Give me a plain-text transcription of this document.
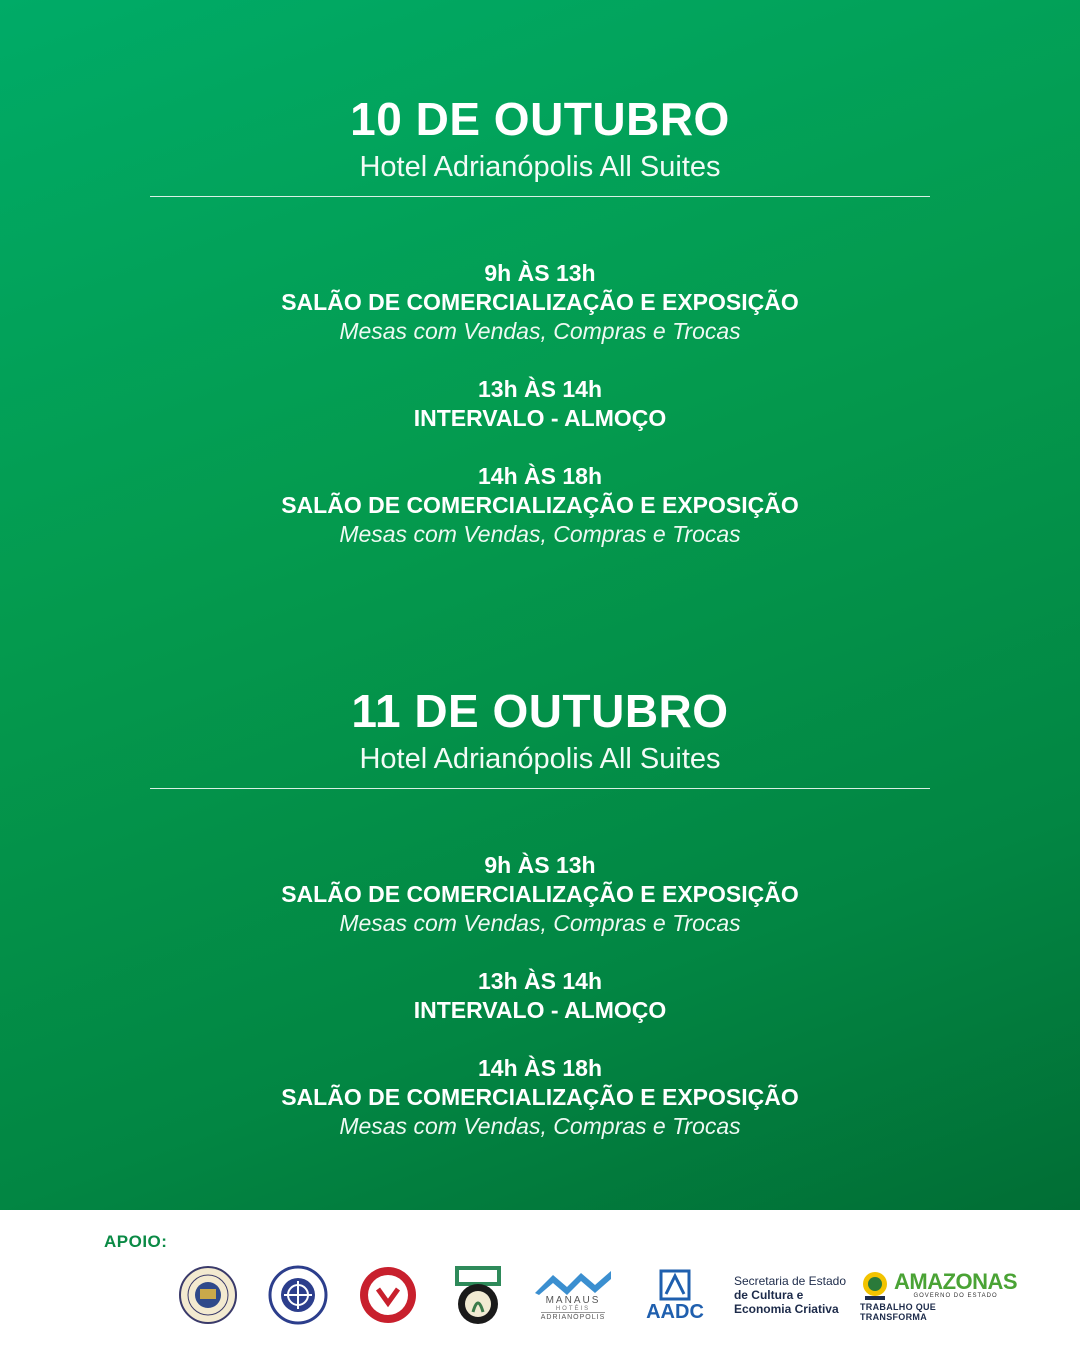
10 DE OUTUBRO
Hotel Adrianópolis All Suites
9h ÀS 13h
SALÃO DE COMERCIALIZAÇÃO E EXPOSIÇÃO
Mesas com Vendas, Compras e Trocas
13h ÀS 14h
INTERVALO - ALMOÇO
14h ÀS 18h
SALÃO DE COMERCIALIZAÇÃO E EXPOSIÇÃO
Mesas com Vendas, Compras e Trocas
11 DE OUTUBRO
Hotel Adrianópolis All Suites
9h ÀS 13h
SALÃO DE COMERCIALIZAÇÃO E EXPOSIÇÃO
Mesas com Vendas, Compras e Trocas
13h ÀS 14h
INTERVALO - ALMOÇO
14h ÀS 18h
SALÃO DE COMERCIALIZAÇÃO E EXPOSIÇÃO
Mesas com Vendas, Compras e Trocas
APOIO:
MANAUS
HOTÉIS
ADRIANÓPOLIS AADC
Secretaria de Estado
de Cultura e
Economia Criativa
AMAZONAS
GOVERNO DO ESTADO
TRABALHO QUE TRANSFORMA
